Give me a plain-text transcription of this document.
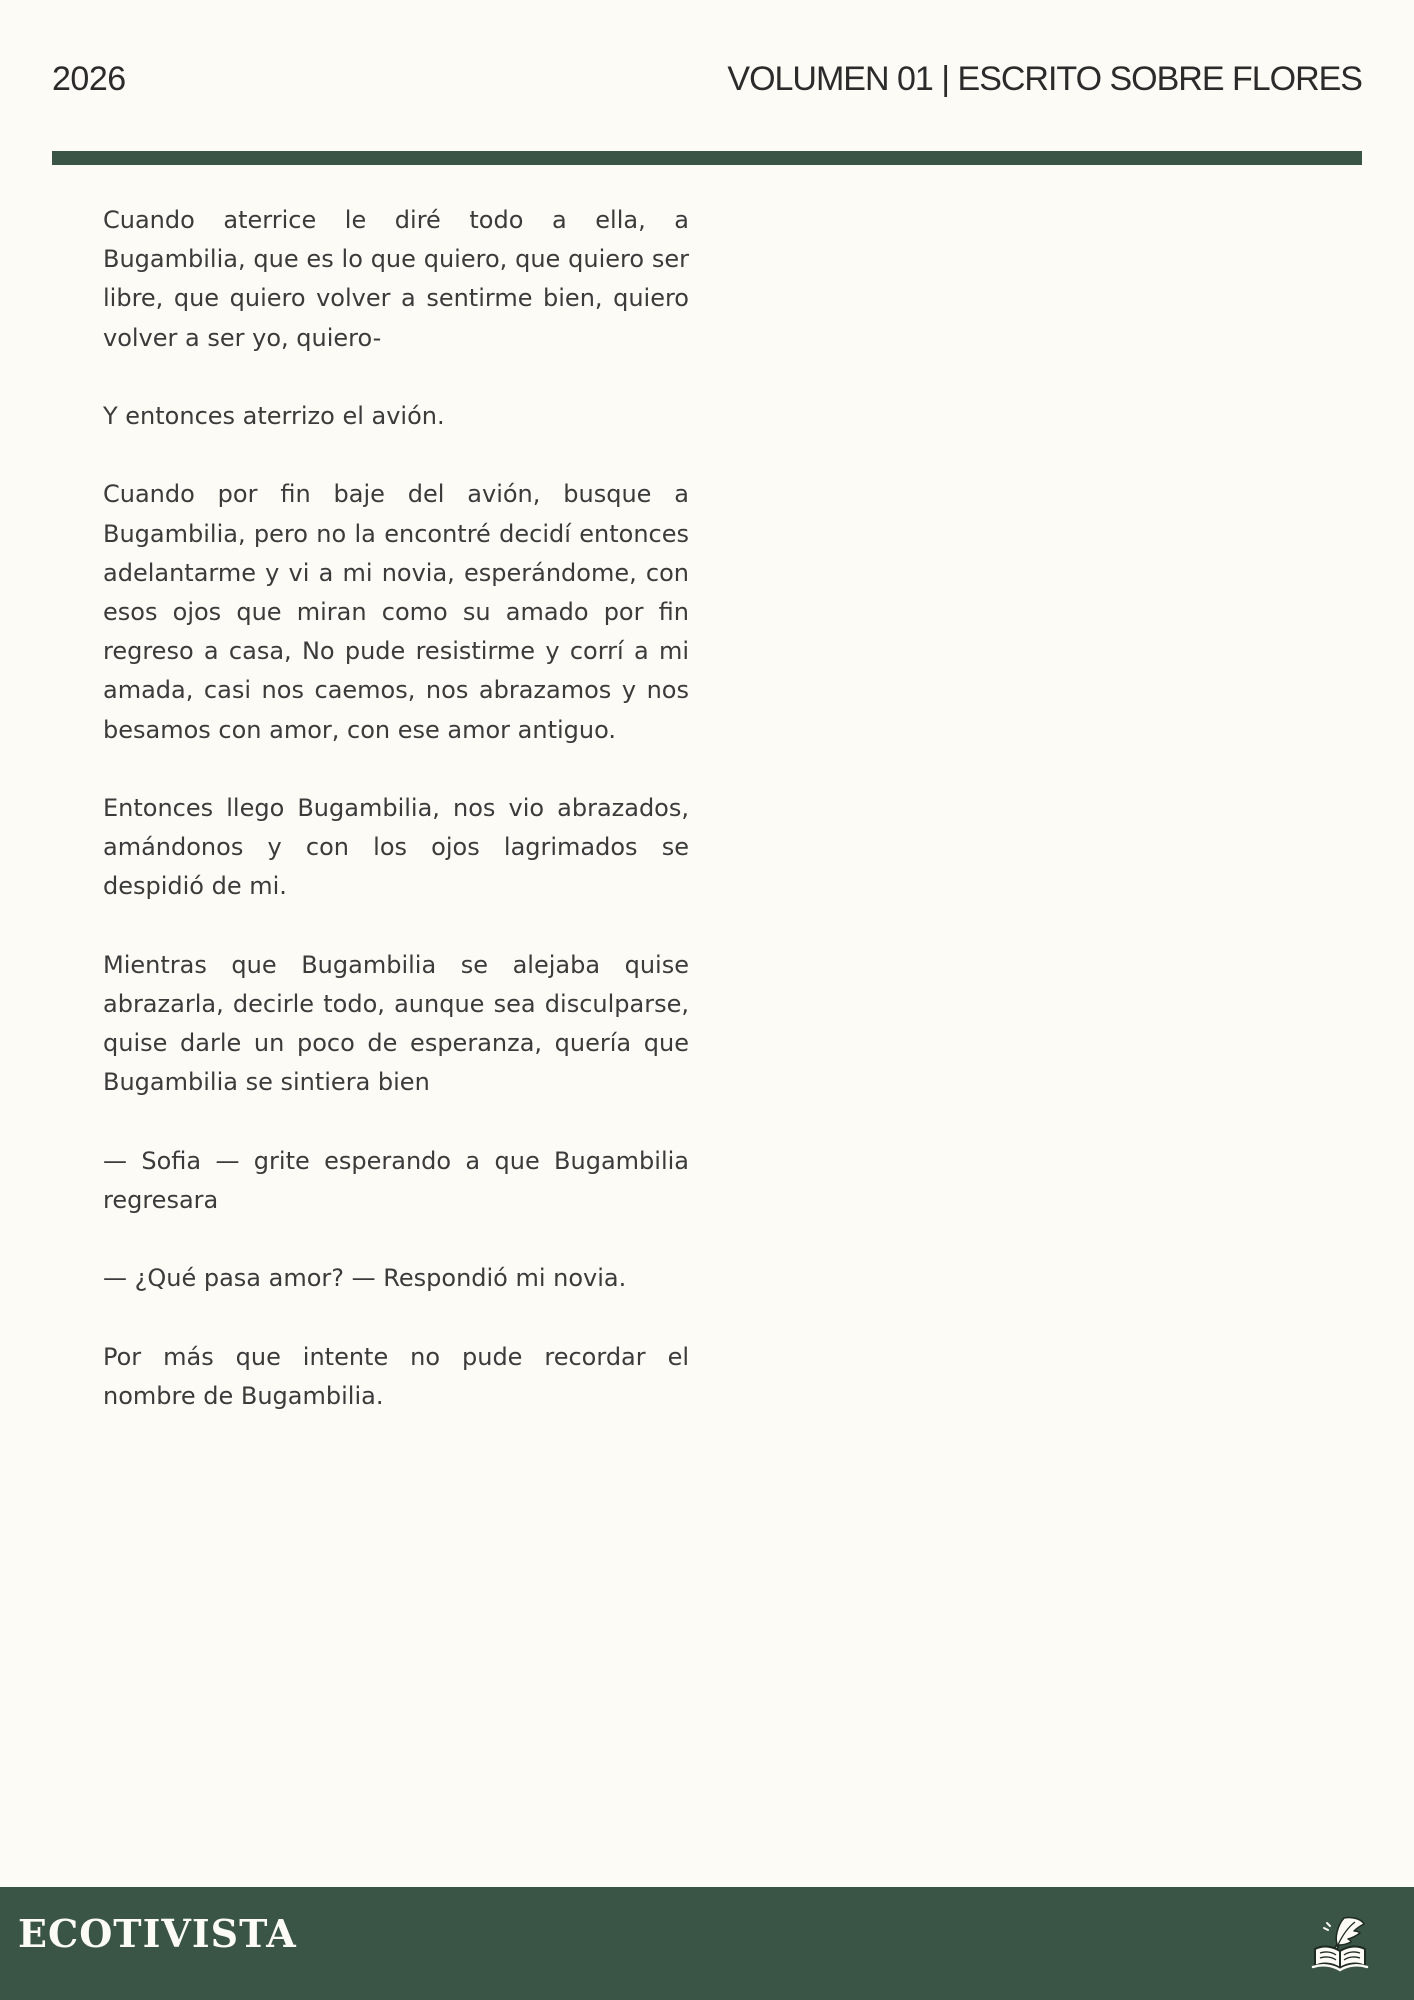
2026	VOLUMEN 01 | ESCRITO SOBRE FLORES

Cuando aterrice le diré todo a ella, a Bugambilia, que es lo que quiero, que quiero ser libre, que quiero volver a sentirme bien, quiero volver a ser yo, quiero-

Y entonces aterrizo el avión.

Cuando por fin baje del avión, busque a Bugambilia, pero no la encontré decidí entonces adelantarme y vi a mi novia, esperándome, con esos ojos que miran como su amado por fin regreso a casa, No pude resistirme y corrí a mi amada, casi nos caemos, nos abrazamos y nos besamos con amor, con ese amor antiguo.

Entonces llego Bugambilia, nos vio abrazados, amándonos y con los ojos lagrimados se despidió de mi.

Mientras que Bugambilia se alejaba quise abrazarla, decirle todo, aunque sea disculparse, quise darle un poco de esperanza, quería que Bugambilia se sintiera bien

— Sofia — grite esperando a que Bugambilia regresara

— ¿Qué pasa amor? — Respondió mi novia.

Por más que intente no pude recordar el nombre de Bugambilia.

ECOTIVISTA
